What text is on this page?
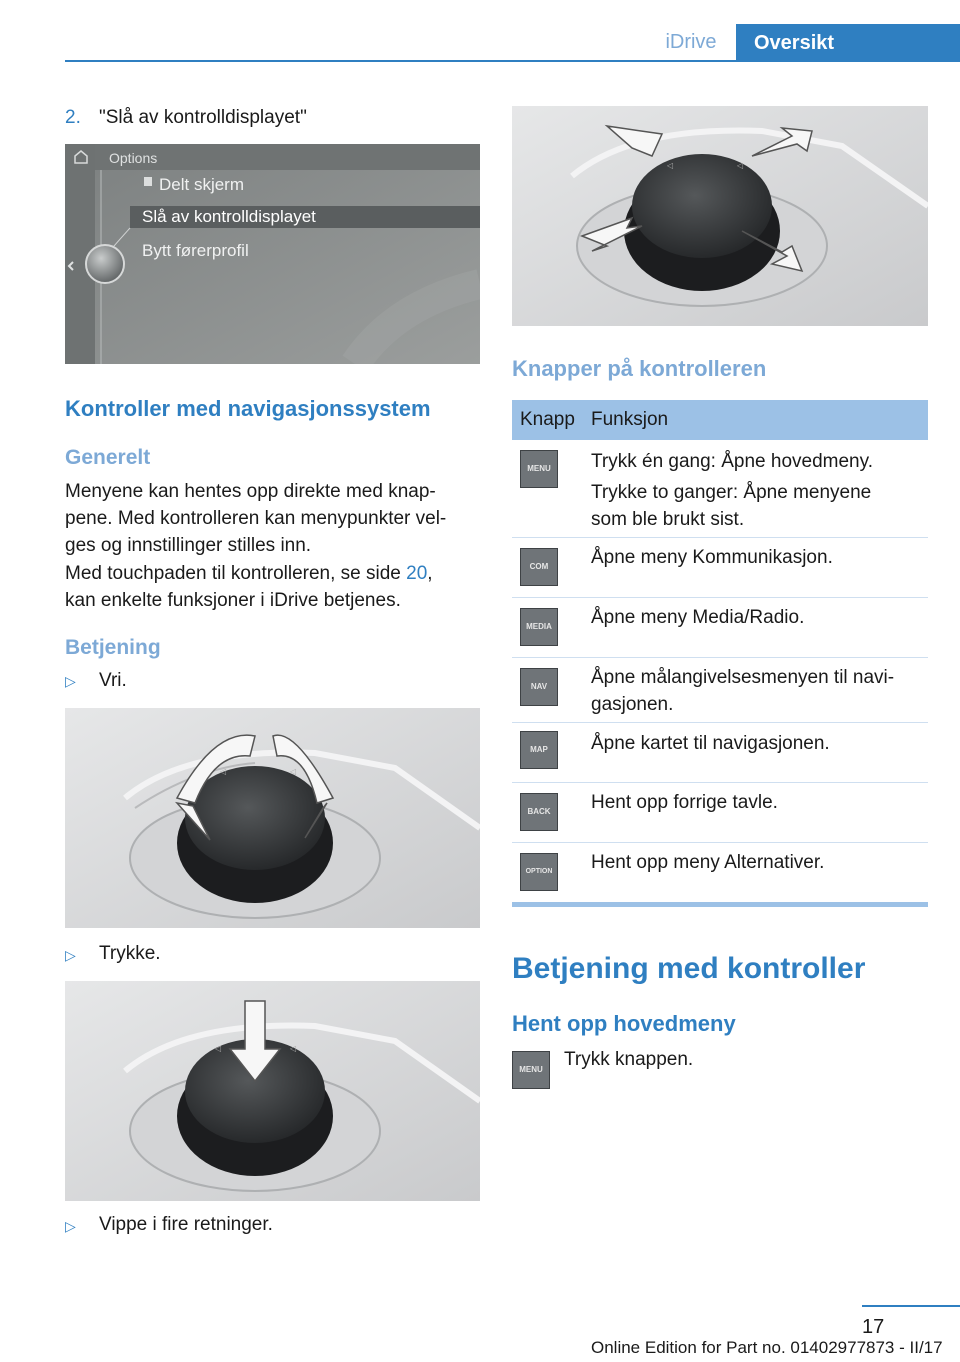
iDrive	Oversikt
2. "Slå av kontrolldisplayet"
Options
Delt skjerm
Slå av kontrolldisplayet
Bytt førerprofil
Kontroller med navigasjonssystem
Generelt
Menyene kan hentes opp direkte med knap‐
pene. Med kontrolleren kan menypunkter vel‐
ges og innstillinger stilles inn.
Med touchpaden til kontrolleren, se side 20,
kan enkelte funksjoner i iDrive betjenes.
Betjening
▷ Vri.
◁	◁
▷ Trykke.
◁	◁
▷ Vippe i fire retninger.
◁	◁
Knapper på kontrolleren
Knapp Funksjon
MENU	Trykk én gang: Åpne hovedmeny.
Trykke to ganger: Åpne menyene
som ble brukt sist.
COM	Åpne meny Kommunikasjon.
MEDIA	Åpne meny Media/Radio.
NAV	Åpne målangivelsesmenyen til navi‐
gasjonen.
MAP	Åpne kartet til navigasjonen.
BACK	Hent opp forrige tavle.
OPTION Hent opp meny Alternativer.
Betjening med kontroller
Hent opp hovedmeny
MENU	Trykk knappen.
17
Online Edition for Part no. 01402977873 - II/17
